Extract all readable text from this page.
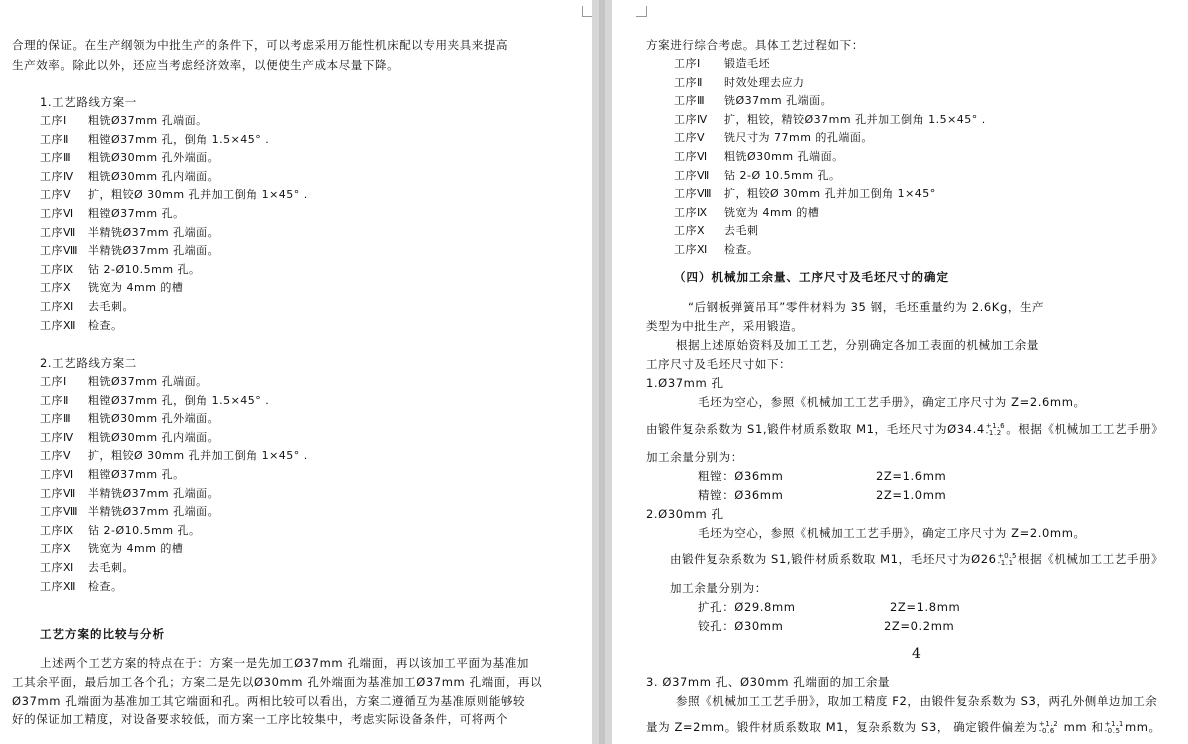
合理的保证。在生产纲领为中批生产的条件下，可以考虑采用万能性机床配以专用夹具来提高
生产效率。除此以外，还应当考虑经济效率，以便使生产成本尽量下降。
1.工艺路线方案一
工序Ⅰ 粗铣Ø37mm 孔端面。
工序Ⅱ 粗镗Ø37mm 孔，倒角 1.5×45° .
工序Ⅲ 粗铣Ø30mm 孔外端面。
工序Ⅳ 粗铣Ø30mm 孔内端面。
工序Ⅴ 扩，粗铰Ø 30mm 孔并加工倒角 1×45° .
工序Ⅵ 粗镗Ø37mm 孔。
工序Ⅶ 半精铣Ø37mm 孔端面。
工序Ⅷ 半精铣Ø37mm 孔端面。
工序Ⅸ 钻 2-Ø10.5mm 孔。
工序Ⅹ 铣宽为 4mm 的槽
工序Ⅺ 去毛刺。
工序Ⅻ 检查。
2.工艺路线方案二
工序Ⅰ 粗铣Ø37mm 孔端面。
工序Ⅱ 粗镗Ø37mm 孔，倒角 1.5×45° .
工序Ⅲ 粗铣Ø30mm 孔外端面。
工序Ⅳ 粗铣Ø30mm 孔内端面。
工序Ⅴ 扩，粗铰Ø 30mm 孔并加工倒角 1×45° .
工序Ⅵ 粗镗Ø37mm 孔。
工序Ⅶ 半精铣Ø37mm 孔端面。
工序Ⅷ 半精铣Ø37mm 孔端面。
工序Ⅸ 钻 2-Ø10.5mm 孔。
工序Ⅹ 铣宽为 4mm 的槽
工序Ⅺ 去毛刺。
工序Ⅻ 检查。
工艺方案的比较与分析
上述两个工艺方案的特点在于：方案一是先加工Ø37mm 孔端面，再以该加工平面为基准加
工其余平面，最后加工各个孔；方案二是先以Ø30mm 孔外端面为基准加工Ø37mm 孔端面，再以
Ø37mm 孔端面为基准加工其它端面和孔。两相比较可以看出，方案二遵循互为基准原则能够较
好的保证加工精度，对设备要求较低，而方案一工序比较集中，考虑实际设备条件，可将两个
方案进行综合考虑。具体工艺过程如下：
工序Ⅰ 锻造毛坯
工序Ⅱ 时效处理去应力
工序Ⅲ 铣Ø37mm 孔端面。
工序Ⅳ 扩，粗铰，精铰Ø37mm 孔并加工倒角 1.5×45° .
工序Ⅴ 铣尺寸为 77mm 的孔端面。
工序Ⅵ 粗铣Ø30mm 孔端面。
工序Ⅶ 钻 2-Ø 10.5mm 孔。
工序Ⅷ 扩，粗铰Ø 30mm 孔并加工倒角 1×45°
工序Ⅸ 铣宽为 4mm 的槽
工序Ⅹ 去毛刺
工序Ⅺ 检查。
（四）机械加工余量、工序尺寸及毛坯尺寸的确定
“后钢板弹簧吊耳”零件材料为 35 钢，毛坯重量约为 2.6Kg，生产
类型为中批生产，采用锻造。
根据上述原始资料及加工工艺，分别确定各加工表面的机械加工余量
工序尺寸及毛坯尺寸如下：
1.Ø37mm 孔
毛坯为空心，参照《机械加工工艺手册》，确定工序尺寸为 Z=2.6mm。
由锻件复杂系数为 S1,锻件材质系数取 M1，毛坯尺寸为Ø34.4 +1.6
-1.2 。根据《机械加工工艺手册》
加工余量分别为：
粗镗：Ø36mm	2Z=1.6mm
精镗：Ø36mm	2Z=1.0mm
2.Ø30mm 孔
毛坯为空心，参照《机械加工工艺手册》，确定工序尺寸为 Z=2.0mm。
由锻件复杂系数为 S1,锻件材质系数取 M1，毛坯尺寸为Ø26 +0.5
-1.1 根据《机械加工工艺手册》
加工余量分别为：
扩孔：Ø29.8mm	2Z=1.8mm
铰孔：Ø30mm	2Z=0.2mm
4
3. Ø37mm 孔、Ø30mm 孔端面的加工余量
参照《机械加工工艺手册》，取加工精度 F2，由锻件复杂系数为 S3，两孔外侧单边加工余
量为 Z=2mm。锻件材质系数取 M1，复杂系数为 S3， 确定锻件偏差为 +1.2
-0.6 mm 和 +1.1
-0.5 mm。
